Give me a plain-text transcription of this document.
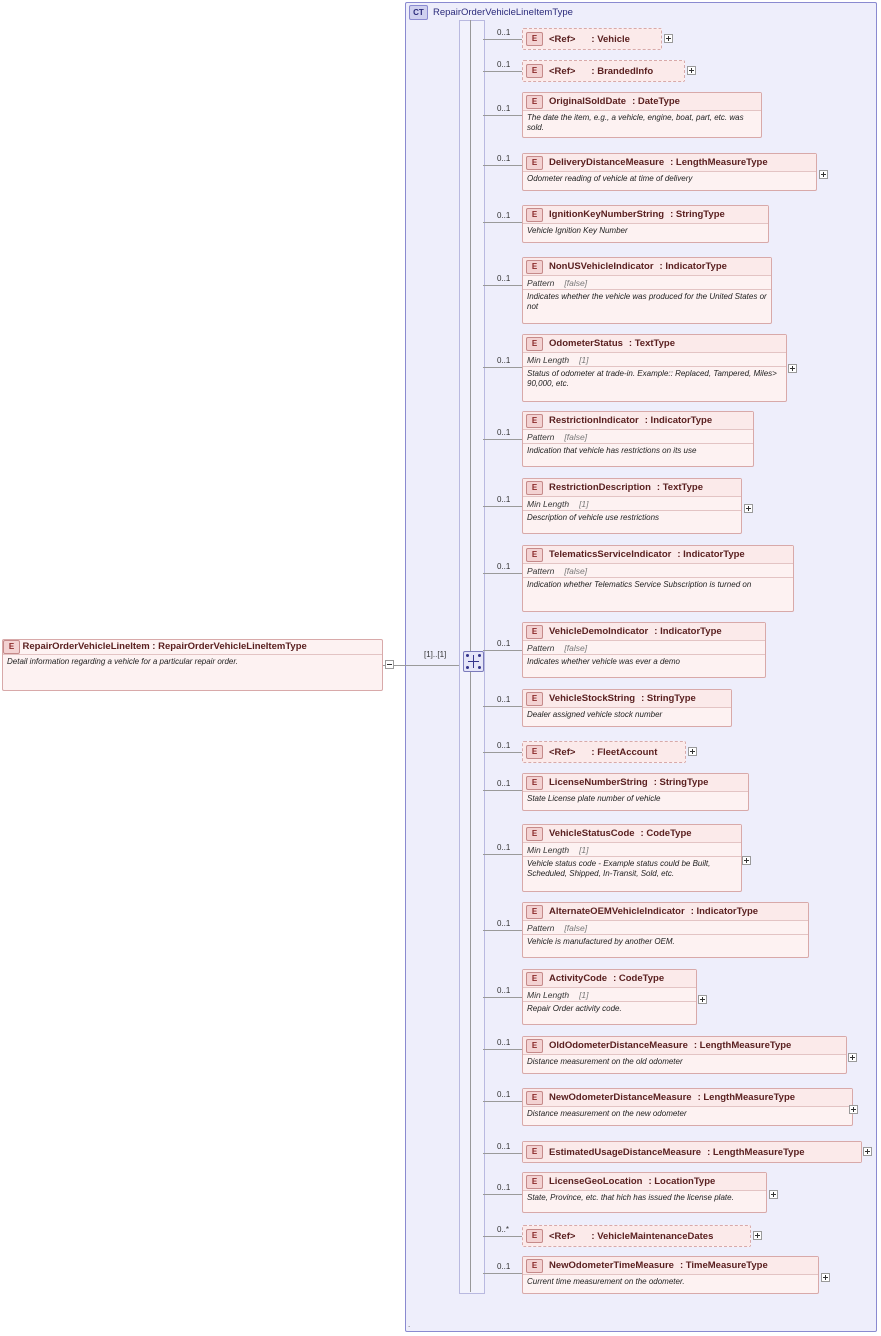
CT RepairOrderVehicleLineItemType
E RepairOrderVehicleLineItem : RepairOrderVehicleLineItemType
Detail information regarding a vehicle for a particular repair order.
[1]..[1]
0..1
E	<Ref> : Vehicle
0..1
E	<Ref> : BrandedInfo
0..1
E	OriginalSoldDate : DateType
The date the item, e.g., a vehicle, engine, boat, part, etc. was sold.
0..1	E	DeliveryDistanceMeasure : LengthMeasureType
Odometer reading of vehicle at time of delivery
0..1	E	IgnitionKeyNumberString : StringType
Vehicle Ignition Key Number
0..1
E	NonUSVehicleIndicator : IndicatorType
Pattern [false]
Indicates whether the vehicle was produced for the United States or not
0..1
E	OdometerStatus : TextType
Min Length [1]
Status of odometer at trade-in. Example:: Replaced, Tampered, Miles> 90,000, etc.
0..1
E	RestrictionIndicator : IndicatorType
Pattern [false]
Indication that vehicle has restrictions on its use
0..1
E	RestrictionDescription : TextType
Min Length [1]
Description of vehicle use restrictions
0..1
E	TelematicsServiceIndicator : IndicatorType
Pattern [false]
Indication whether Telematics Service Subscription is turned on
0..1
E	VehicleDemoIndicator : IndicatorType
Pattern [false]
Indicates whether vehicle was ever a demo
0..1	E	VehicleStockString : StringType
Dealer assigned vehicle stock number
0..1
E	<Ref> : FleetAccount
0..1	E	LicenseNumberString : StringType
State License plate number of vehicle
0..1
E	VehicleStatusCode : CodeType
Min Length [1]
Vehicle status code - Example status could be Built, Scheduled, Shipped, In-Transit, Sold, etc.
0..1
E	AlternateOEMVehicleIndicator : IndicatorType
Pattern [false]
Vehicle is manufactured by another OEM.
0..1
E	ActivityCode : CodeType
Min Length [1]
Repair Order activity code.
0..1	E	OldOdometerDistanceMeasure : LengthMeasureType
Distance measurement on the old odometer
0..1	E	NewOdometerDistanceMeasure : LengthMeasureType
Distance measurement on the new odometer
0..1
E	EstimatedUsageDistanceMeasure : LengthMeasureType
0..1
E	LicenseGeoLocation : LocationType
State, Province, etc. that hich has issued the license plate.
0..*
E	<Ref> : VehicleMaintenanceDates
0..1	E	NewOdometerTimeMeasure : TimeMeasureType
Current time measurement on the odometer.
.
